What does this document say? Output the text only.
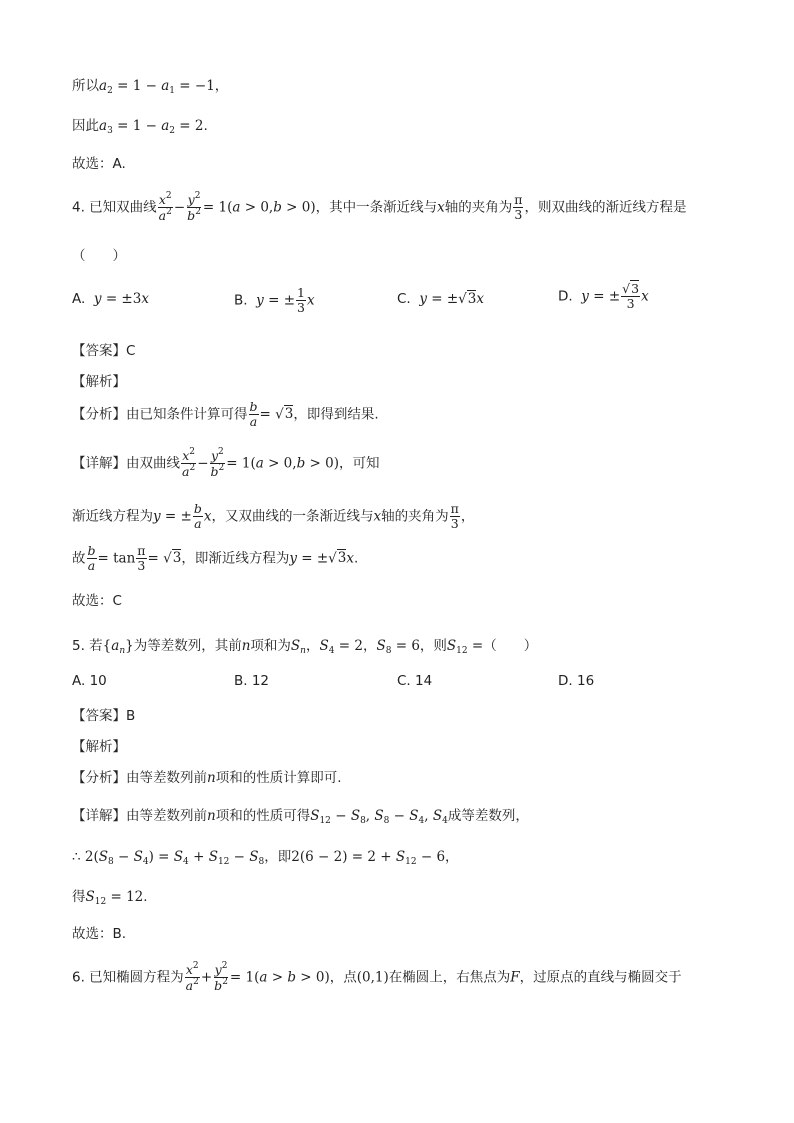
所以$a_2 = 1 - a_1 = -1$，
因此$a_3 = 1 - a_2 = 2$.
故选：A.
4. 已知双曲线 $\frac{x^2}{a^2} - \frac{y^2}{b^2} = 1(a > 0,b > 0)$，其中一条渐近线与x轴的夹角为 $\frac{\pi}{3}$ ，则双曲线的渐近线方程是
（　　）
A. y = ±3x	B. y = ± $\frac{1}{3}$ x	C. y = ±√3x	D. y = ± $\frac{√3}{3}$ x
【答案】C
【解析】
【分析】由已知条件计算可得 $\frac{b}{a} = √3$，即得到结果.
【详解】由双曲线 $\frac{x^2}{a^2} - \frac{y^2}{b^2} = 1(a > 0,b > 0)$，可知
渐近线方程为y = ± $\frac{b}{a}$ x，又双曲线的一条渐近线与x轴的夹角为 $\frac{\pi}{3}$ ，
故 $\frac{b}{a} = \tan \frac{\pi}{3} = √3$，即渐近线方程为y = ±√3x.
故选：C
5. 若$\{a_n\}$为等差数列，其前n项和为$S_n$，$S_4 = 2$，$S_8 = 6$，则$S_{12}$ =（　　）
A. 10	B. 12	C. 14	D. 16
【答案】B
【解析】
【分析】由等差数列前n项和的性质计算即可.
【详解】由等差数列前n项和的性质可得$S_{12} - S_8$, $S_8 - S_4$, $S_4$成等差数列，
∴ $2(S_8 - S_4) = S_4 + S_{12} - S_8$，即$2(6 - 2) = 2 + S_{12} - 6$，
得$S_{12} = 12$.
故选：B.
6. 已知椭圆方程为 $\frac{x^2}{a^2} + \frac{y^2}{b^2} = 1(a > b > 0)$，点(0,1)在椭圆上，右焦点为F，过原点的直线与椭圆交于
